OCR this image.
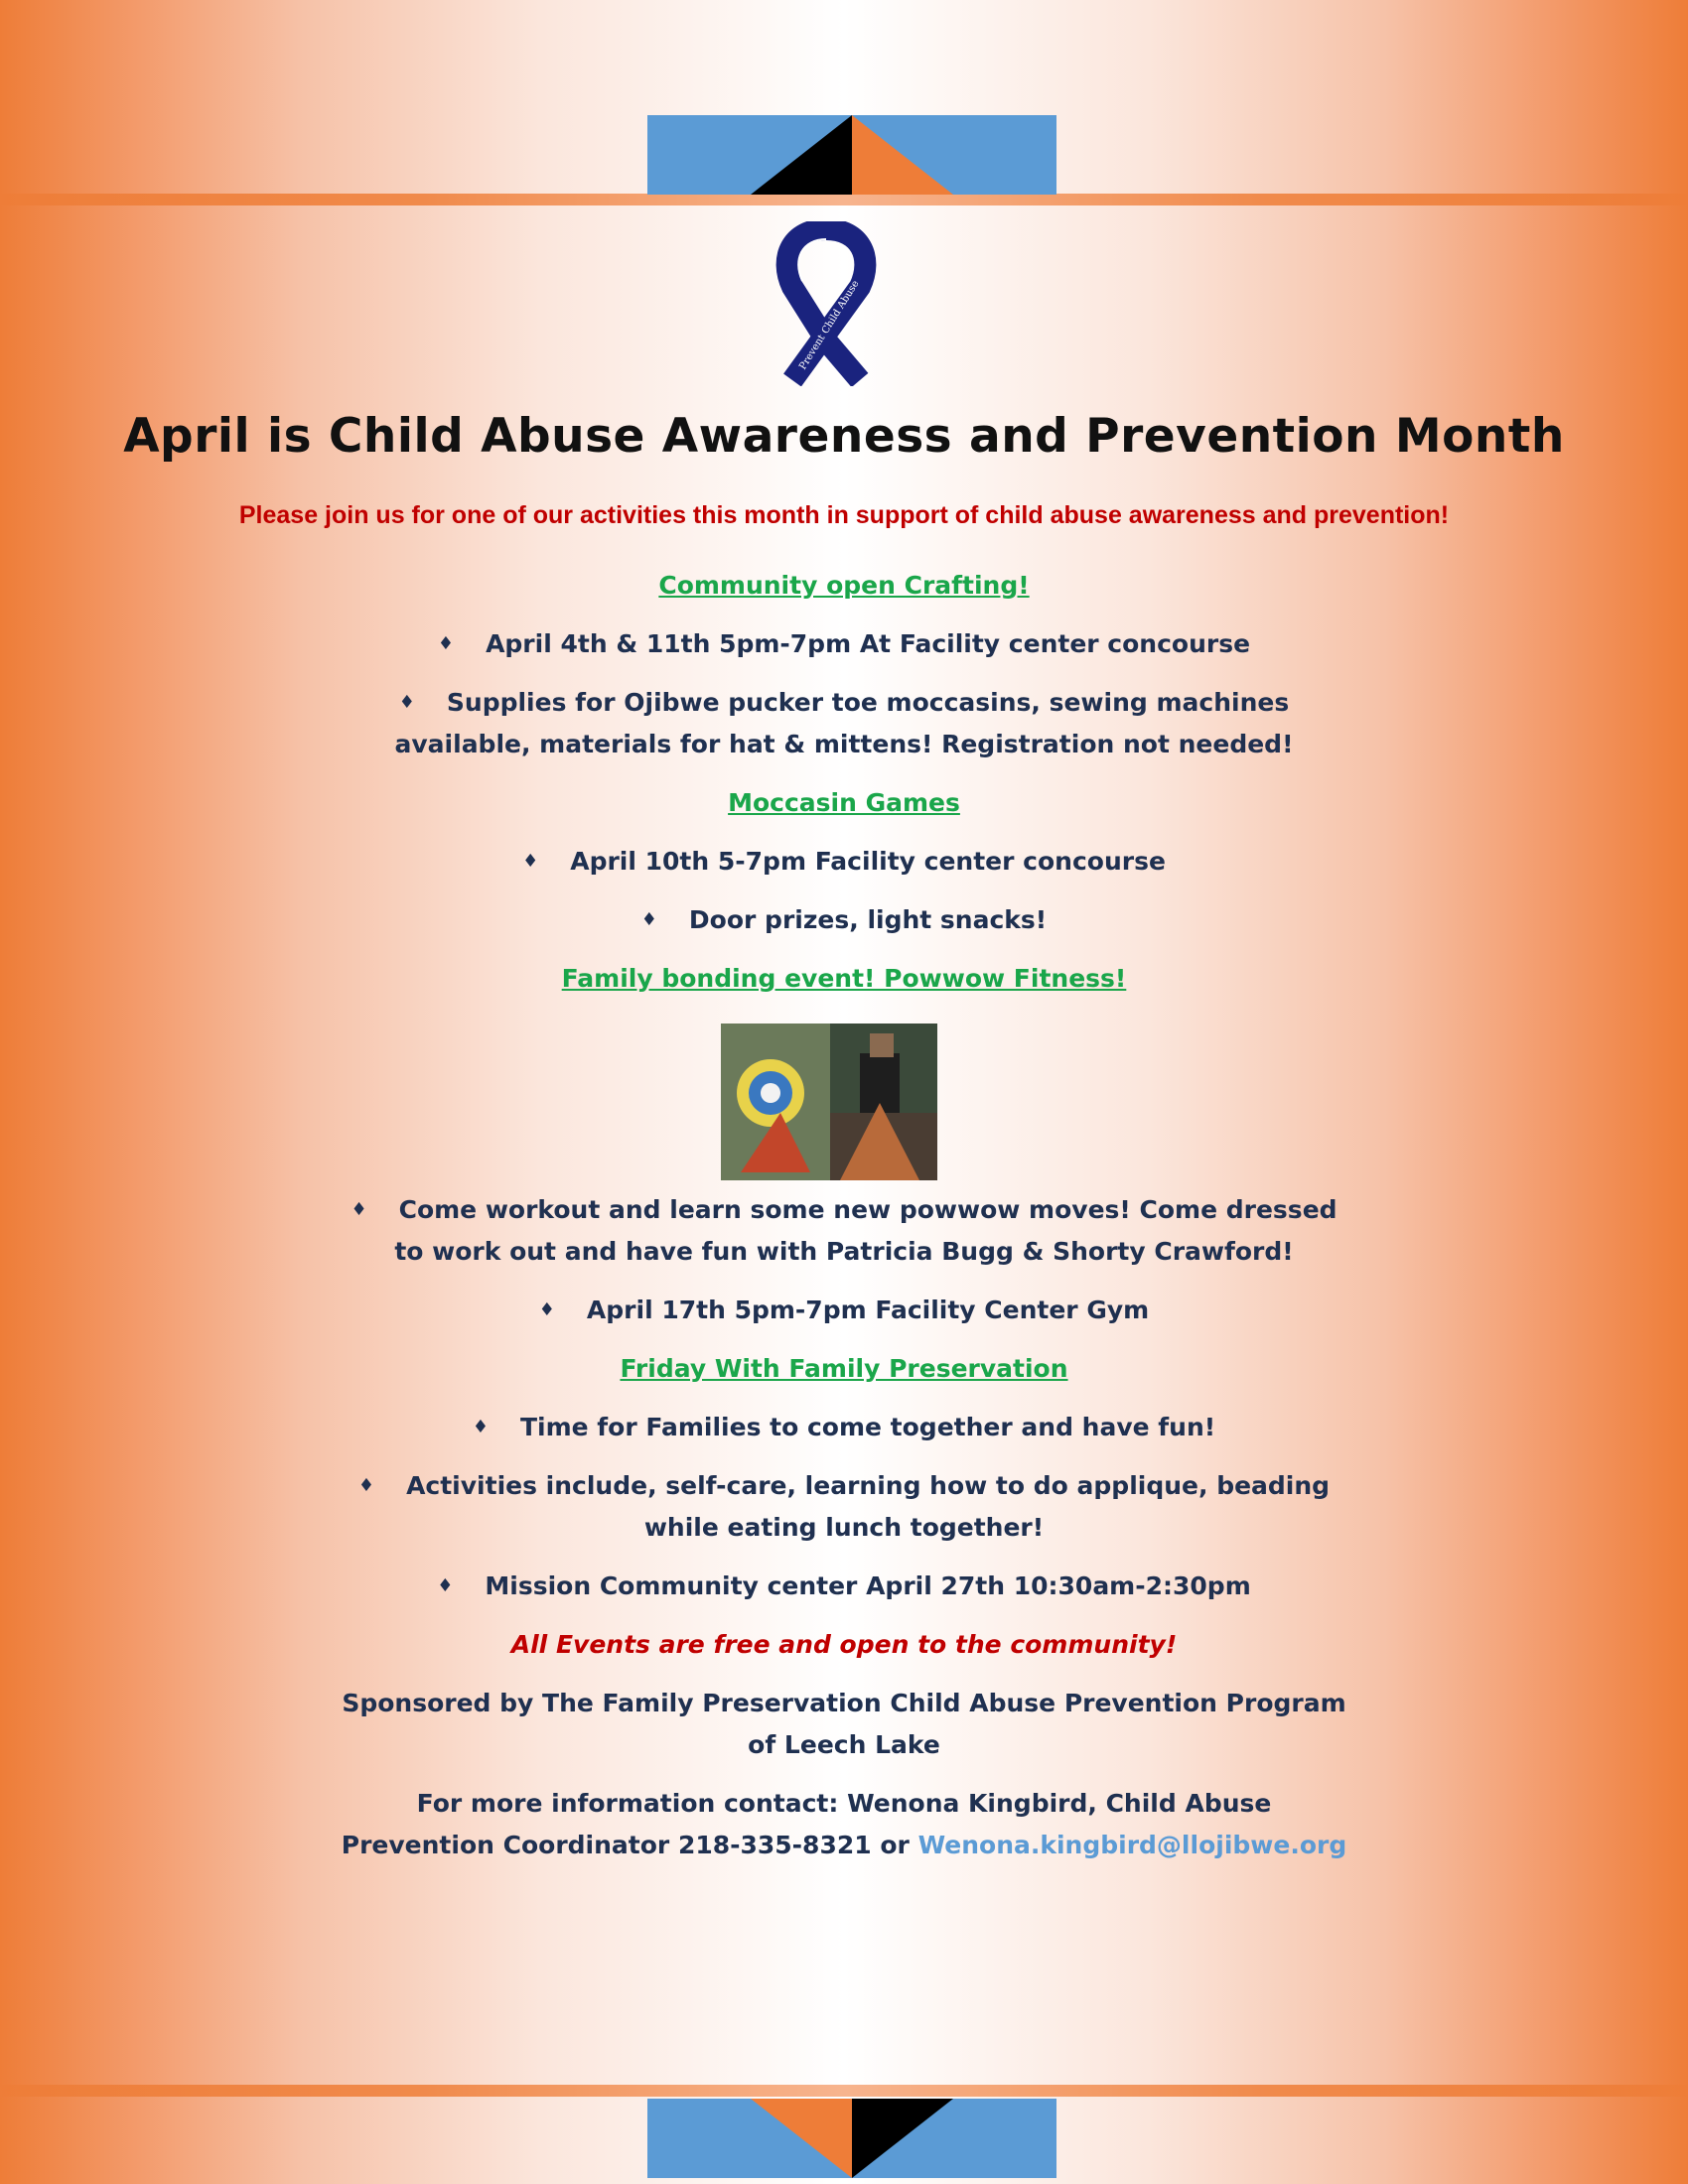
Prevent Child Abuse
April is Child Abuse Awareness and Prevention Month
Please join us for one of our activities this month in support of child abuse awareness and prevention!
Community open Crafting!
♦ April 4th & 11th 5pm-7pm At Facility center concourse
♦ Supplies for Ojibwe pucker toe moccasins, sewing machines
available, materials for hat & mittens! Registration not needed!
Moccasin Games
♦ April 10th 5-7pm Facility center concourse
♦ Door prizes, light snacks!
Family bonding event! Powwow Fitness!
♦ Come workout and learn some new powwow moves! Come dressed
to work out and have fun with Patricia Bugg & Shorty Crawford!
♦ April 17th 5pm-7pm Facility Center Gym
Friday With Family Preservation
♦ Time for Families to come together and have fun!
♦ Activities include, self-care, learning how to do applique, beading
while eating lunch together!
♦ Mission Community center April 27th 10:30am-2:30pm
All Events are free and open to the community!
Sponsored by The Family Preservation Child Abuse Prevention Program
of Leech Lake
For more information contact: Wenona Kingbird, Child Abuse
Prevention Coordinator 218-335-8321 or Wenona.kingbird@llojibwe.org
